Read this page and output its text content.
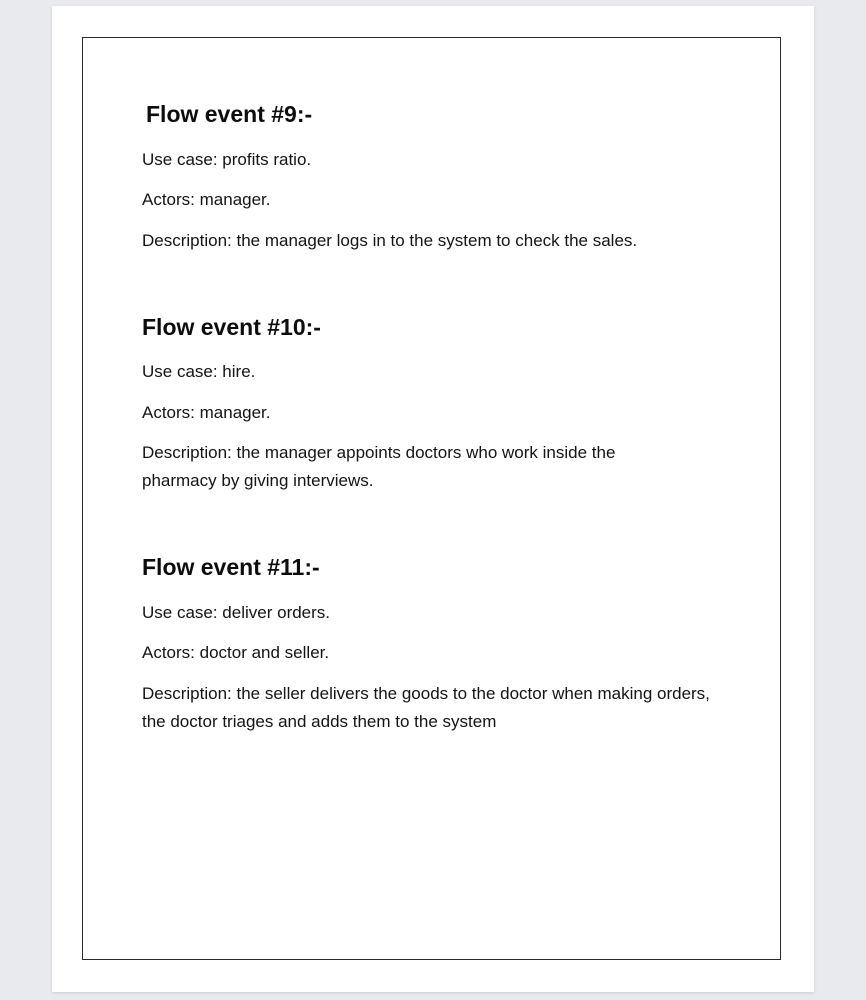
Flow event #9:-

Use case: profits ratio.

Actors: manager.

Description: the manager logs in to the system to check the sales.

Flow event #10:-

Use case: hire.

Actors: manager.

Description: the manager appoints doctors who work inside the pharmacy by giving interviews.

Flow event #11:-

Use case: deliver orders.

Actors: doctor and seller.

Description: the seller delivers the goods to the doctor when making orders, the doctor triages and adds them to the system
